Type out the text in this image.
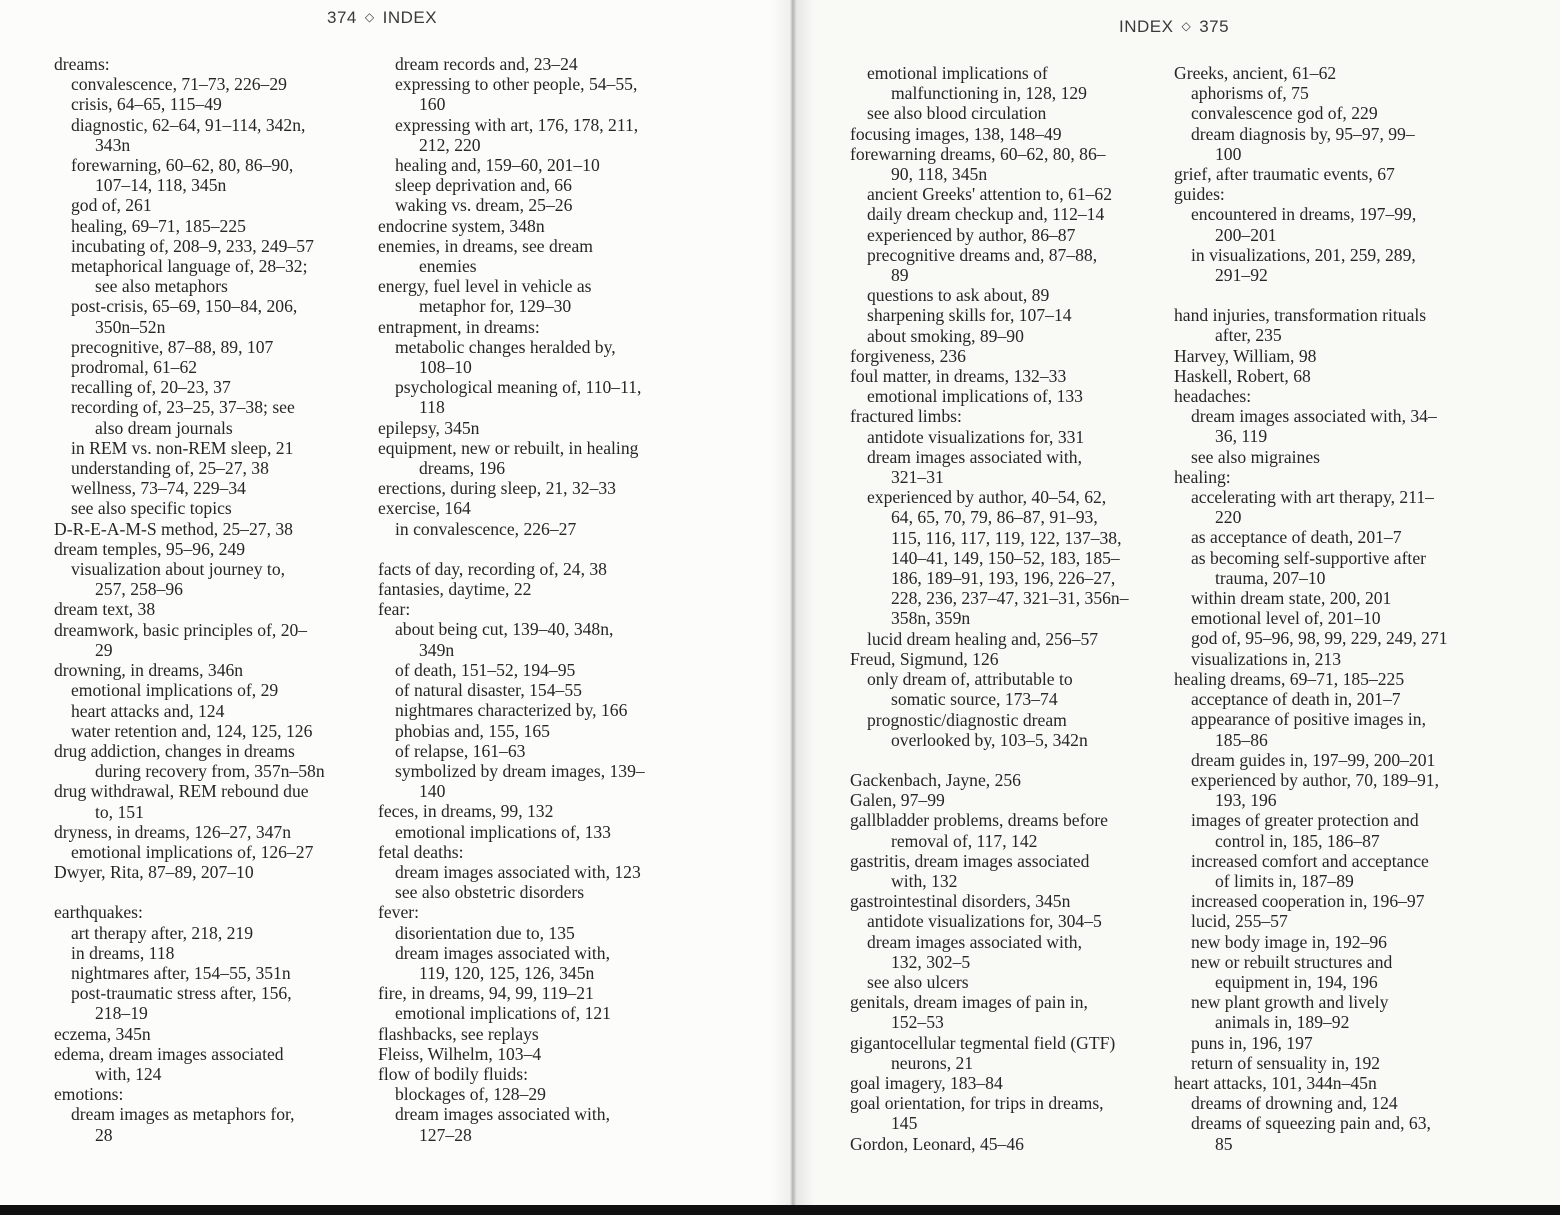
374 ◇ INDEX
dreams:
convalescence, 71–73, 226–29
crisis, 64–65, 115–49
diagnostic, 62–64, 91–114, 342n,
343n
forewarning, 60–62, 80, 86–90,
107–14, 118, 345n
god of, 261
healing, 69–71, 185–225
incubating of, 208–9, 233, 249–57
metaphorical language of, 28–32;
see also metaphors
post-crisis, 65–69, 150–84, 206,
350n–52n
precognitive, 87–88, 89, 107
prodromal, 61–62
recalling of, 20–23, 37
recording of, 23–25, 37–38; see
also dream journals
in REM vs. non-REM sleep, 21
understanding of, 25–27, 38
wellness, 73–74, 229–34
see also specific topics
D-R-E-A-M-S method, 25–27, 38
dream temples, 95–96, 249
visualization about journey to,
257, 258–96
dream text, 38
dreamwork, basic principles of, 20–
29
drowning, in dreams, 346n
emotional implications of, 29
heart attacks and, 124
water retention and, 124, 125, 126
drug addiction, changes in dreams
during recovery from, 357n–58n
drug withdrawal, REM rebound due
to, 151
dryness, in dreams, 126–27, 347n
emotional implications of, 126–27
Dwyer, Rita, 87–89, 207–10
earthquakes:
art therapy after, 218, 219
in dreams, 118
nightmares after, 154–55, 351n
post-traumatic stress after, 156,
218–19
eczema, 345n
edema, dream images associated
with, 124
emotions:
dream images as metaphors for,
28
dream records and, 23–24
expressing to other people, 54–55,
160
expressing with art, 176, 178, 211,
212, 220
healing and, 159–60, 201–10
sleep deprivation and, 66
waking vs. dream, 25–26
endocrine system, 348n
enemies, in dreams, see dream
enemies
energy, fuel level in vehicle as
metaphor for, 129–30
entrapment, in dreams:
metabolic changes heralded by,
108–10
psychological meaning of, 110–11,
118
epilepsy, 345n
equipment, new or rebuilt, in healing
dreams, 196
erections, during sleep, 21, 32–33
exercise, 164
in convalescence, 226–27
facts of day, recording of, 24, 38
fantasies, daytime, 22
fear:
about being cut, 139–40, 348n,
349n
of death, 151–52, 194–95
of natural disaster, 154–55
nightmares characterized by, 166
phobias and, 155, 165
of relapse, 161–63
symbolized by dream images, 139–
140
feces, in dreams, 99, 132
emotional implications of, 133
fetal deaths:
dream images associated with, 123
see also obstetric disorders
fever:
disorientation due to, 135
dream images associated with,
119, 120, 125, 126, 345n
fire, in dreams, 94, 99, 119–21
emotional implications of, 121
flashbacks, see replays
Fleiss, Wilhelm, 103–4
flow of bodily fluids:
blockages of, 128–29
dream images associated with,
127–28
INDEX ◇ 375
emotional implications of
malfunctioning in, 128, 129
see also blood circulation
focusing images, 138, 148–49
forewarning dreams, 60–62, 80, 86–
90, 118, 345n
ancient Greeks' attention to, 61–62
daily dream checkup and, 112–14
experienced by author, 86–87
precognitive dreams and, 87–88,
89
questions to ask about, 89
sharpening skills for, 107–14
about smoking, 89–90
forgiveness, 236
foul matter, in dreams, 132–33
emotional implications of, 133
fractured limbs:
antidote visualizations for, 331
dream images associated with,
321–31
experienced by author, 40–54, 62,
64, 65, 70, 79, 86–87, 91–93,
115, 116, 117, 119, 122, 137–38,
140–41, 149, 150–52, 183, 185–
186, 189–91, 193, 196, 226–27,
228, 236, 237–47, 321–31, 356n–
358n, 359n
lucid dream healing and, 256–57
Freud, Sigmund, 126
only dream of, attributable to
somatic source, 173–74
prognostic/diagnostic dream
overlooked by, 103–5, 342n
Gackenbach, Jayne, 256
Galen, 97–99
gallbladder problems, dreams before
removal of, 117, 142
gastritis, dream images associated
with, 132
gastrointestinal disorders, 345n
antidote visualizations for, 304–5
dream images associated with,
132, 302–5
see also ulcers
genitals, dream images of pain in,
152–53
gigantocellular tegmental field (GTF)
neurons, 21
goal imagery, 183–84
goal orientation, for trips in dreams,
145
Gordon, Leonard, 45–46
Greeks, ancient, 61–62
aphorisms of, 75
convalescence god of, 229
dream diagnosis by, 95–97, 99–
100
grief, after traumatic events, 67
guides:
encountered in dreams, 197–99,
200–201
in visualizations, 201, 259, 289,
291–92
hand injuries, transformation rituals
after, 235
Harvey, William, 98
Haskell, Robert, 68
headaches:
dream images associated with, 34–
36, 119
see also migraines
healing:
accelerating with art therapy, 211–
220
as acceptance of death, 201–7
as becoming self-supportive after
trauma, 207–10
within dream state, 200, 201
emotional level of, 201–10
god of, 95–96, 98, 99, 229, 249, 271
visualizations in, 213
healing dreams, 69–71, 185–225
acceptance of death in, 201–7
appearance of positive images in,
185–86
dream guides in, 197–99, 200–201
experienced by author, 70, 189–91,
193, 196
images of greater protection and
control in, 185, 186–87
increased comfort and acceptance
of limits in, 187–89
increased cooperation in, 196–97
lucid, 255–57
new body image in, 192–96
new or rebuilt structures and
equipment in, 194, 196
new plant growth and lively
animals in, 189–92
puns in, 196, 197
return of sensuality in, 192
heart attacks, 101, 344n–45n
dreams of drowning and, 124
dreams of squeezing pain and, 63,
85
